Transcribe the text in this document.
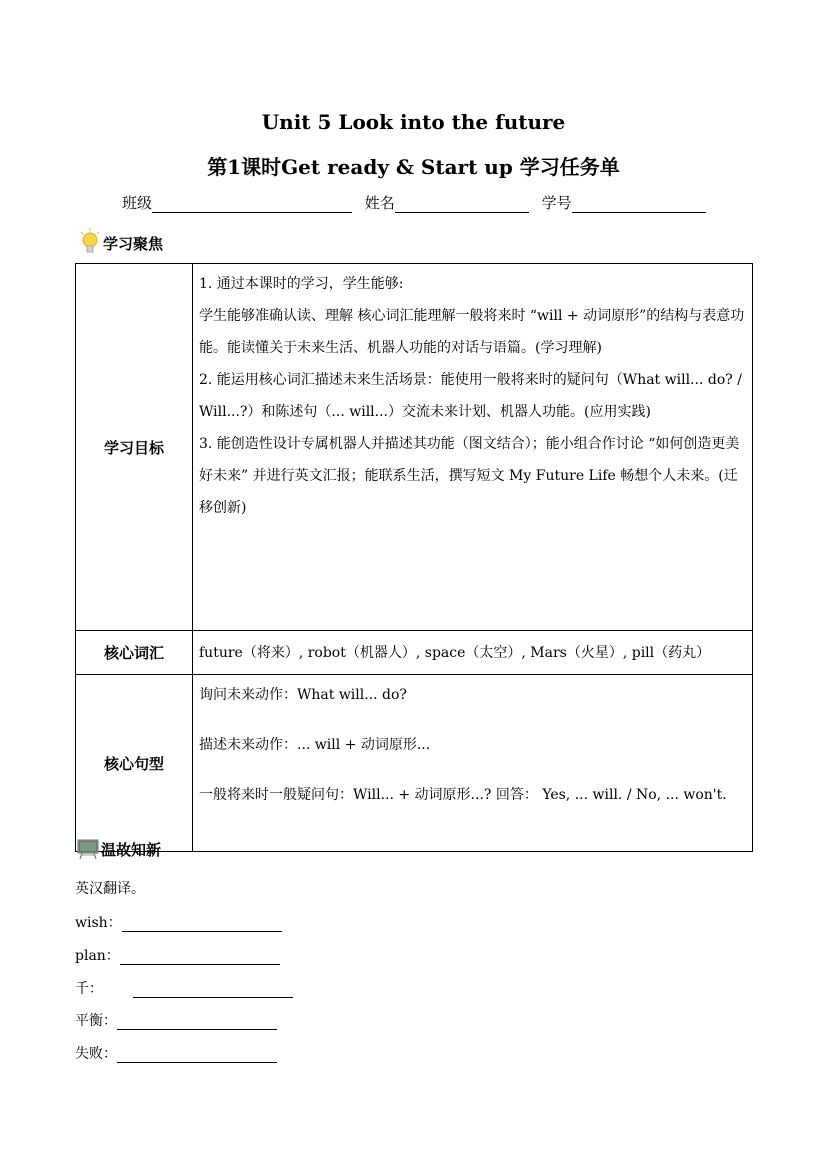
Unit 5 Look into the future
第1课时Get ready & Start up 学习任务单
班级	姓名	学号
学习聚焦
学习目标	1. 通过本课时的学习，学生能够:

学生能够准确认读、理解 核心词汇能理解一般将来时 “will + 动词原形”的结构与表意功能。能读懂关于未来生活、机器人功能的对话与语篇。(学习理解)

2. 能运用核心词汇描述未来生活场景：能使用一般将来时的疑问句（What will... do? / Will...?）和陈述句（... will...）交流未来计划、机器人功能。(应用实践)

3. 能创造性设计专属机器人并描述其功能（图文结合）；能小组合作讨论 “如何创造更美好未来” 并进行英文汇报；能联系生活，撰写短文 My Future Life 畅想个人未来。(迁移创新)

核心词汇	future（将来）, robot（机器人）, space（太空）, Mars（火星）, pill（药丸）
核心句型	询问未来动作：What will... do?

描述未来动作：... will + 动词原形...

一般将来时一般疑问句：Will... + 动词原形...? 回答： Yes, ... will. / No, ... won't.

温故知新
英汉翻译。
wish：
plan：
千：
平衡：
失败：
